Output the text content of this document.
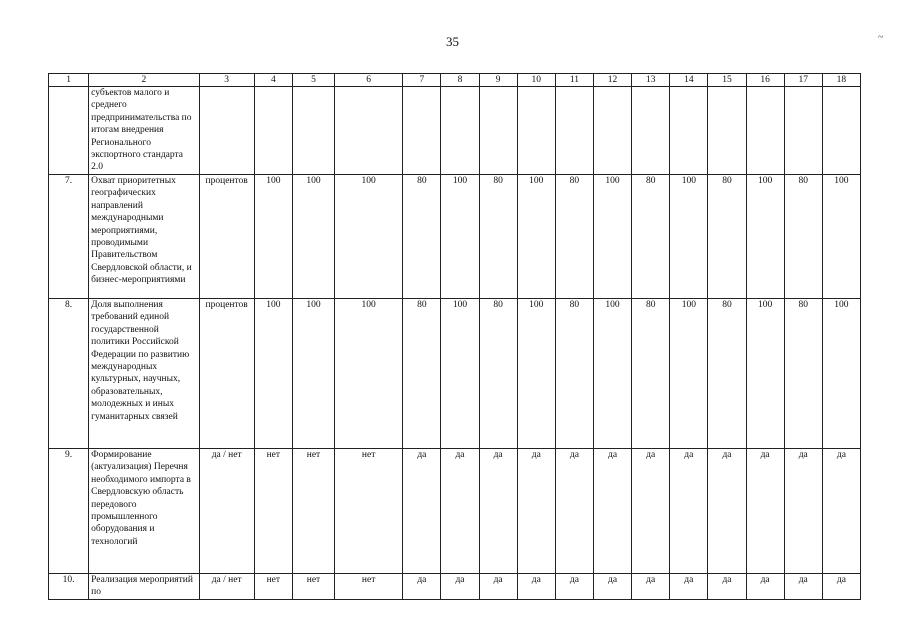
35	~
1	2	3	4	5	6	7	8	9	10	11	12	13	14	15	16	17	18
	субъектов малого и среднего предпринимательства по итогам внедрения Регионального экспортного стандарта 2.0																
7.	Охват приоритетных географических направлений международными мероприятиями, проводимыми Правительством Свердловской области, и бизнес-мероприятиями	процентов	100	100	100	80	100	80	100	80	100	80	100	80	100	80	100
8.	Доля выполнения требований единой государственной политики Российской Федерации по развитию международных культурных, научных, образовательных, молодежных и иных гуманитарных связей	процентов	100	100	100	80	100	80	100	80	100	80	100	80	100	80	100
9.	Формирование (актуализация) Перечня необходимого импорта в Свердловскую область передового промышленного оборудования и технологий	да / нет	нет	нет	нет	да	да	да	да	да	да	да	да	да	да	да	да
10.	Реализация мероприятий по	да / нет	нет	нет	нет	да	да	да	да	да	да	да	да	да	да	да	да
